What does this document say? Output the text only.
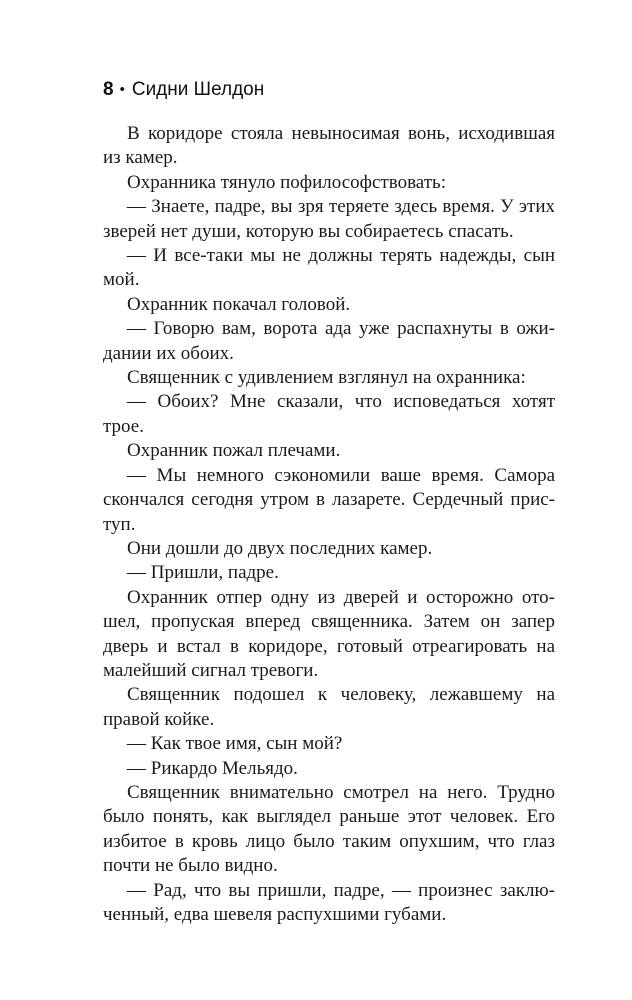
8 • Сидни Шелдон

В коридоре стояла невыносимая вонь, исходившая из камер.

Охранника тянуло пофилософствовать:

— Знаете, падре, вы зря теряете здесь время. У этих зверей нет души, которую вы собираетесь спасать.

— И все-таки мы не должны терять надежды, сын мой.

Охранник покачал головой.

— Говорю вам, ворота ада уже распахнуты в ожидании их обоих.

Священник с удивлением взглянул на охранника:

— Обоих? Мне сказали, что исповедаться хотят трое.

Охранник пожал плечами.

— Мы немного сэкономили ваше время. Самора скончался сегодня утром в лазарете. Сердечный приступ.

Они дошли до двух последних камер.

— Пришли, падре.

Охранник отпер одну из дверей и осторожно отошел, пропуская вперед священника. Затем он запер дверь и встал в коридоре, готовый отреагировать на малейший сигнал тревоги.

Священник подошел к человеку, лежавшему на правой койке.

— Как твое имя, сын мой?

— Рикардо Мельядо.

Священник внимательно смотрел на него. Трудно было понять, как выглядел раньше этот человек. Его избитое в кровь лицо было таким опухшим, что глаз почти не было видно.

— Рад, что вы пришли, падре, — произнес заключенный, едва шевеля распухшими губами.
